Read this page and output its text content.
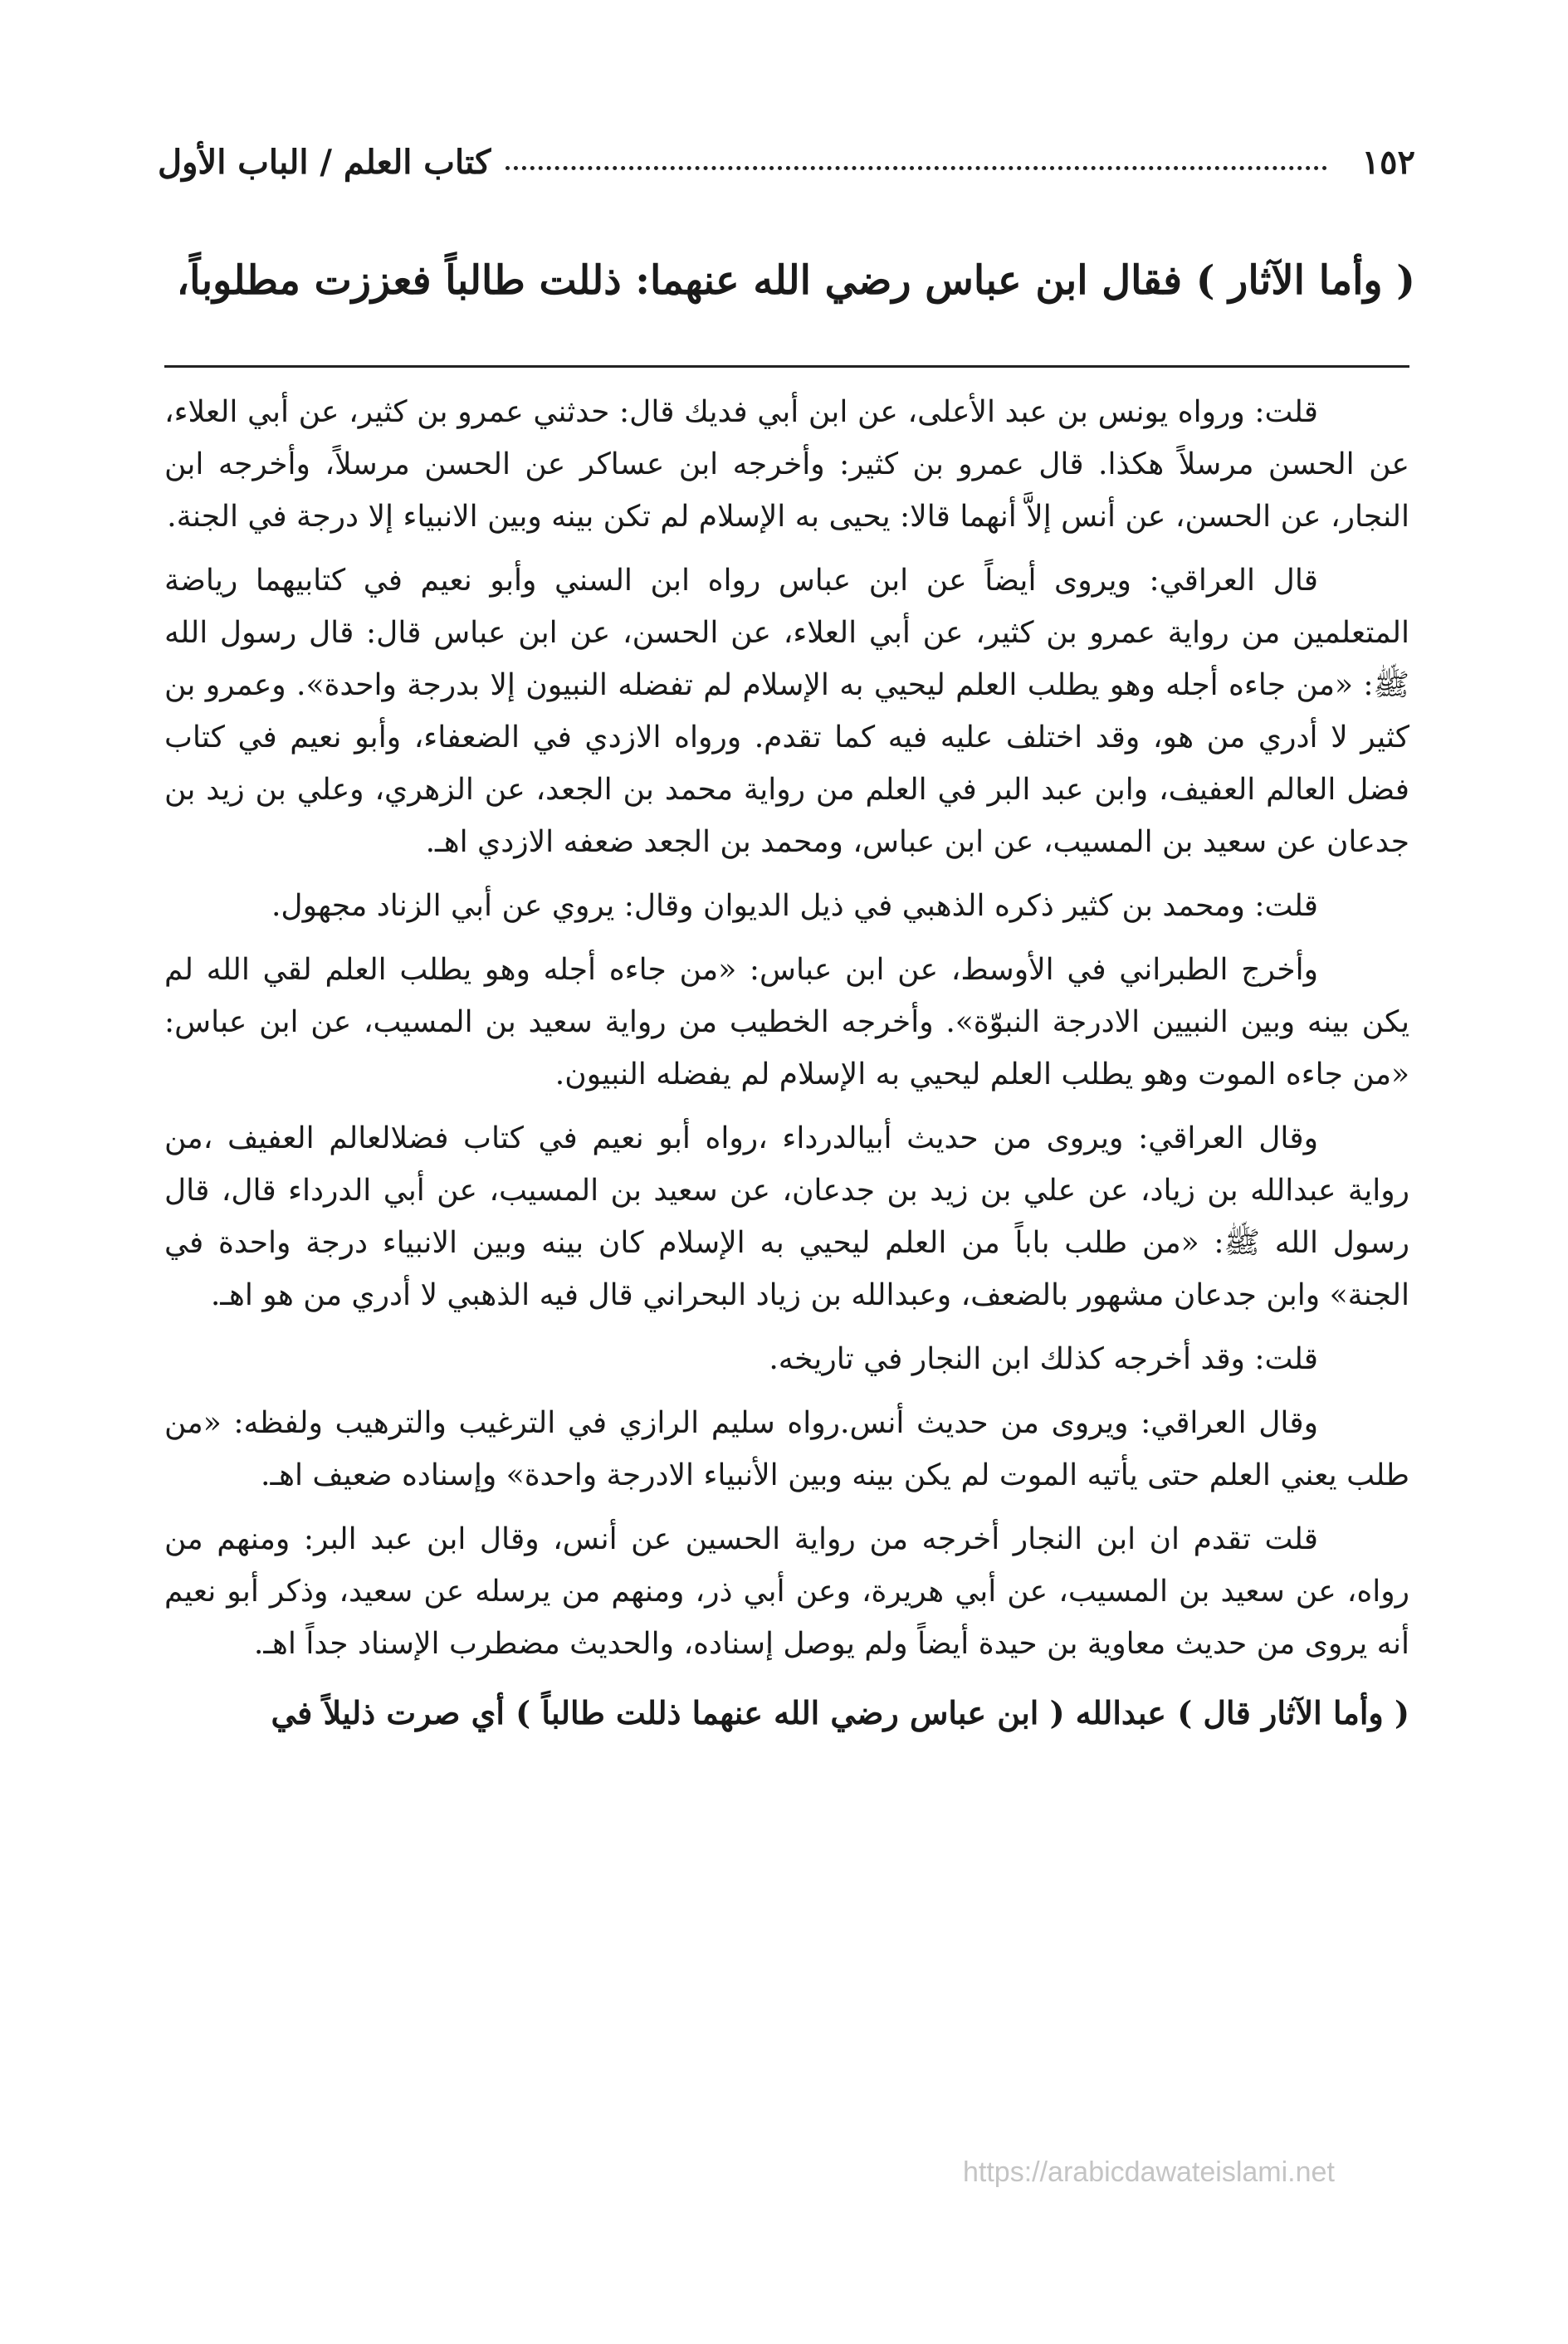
١٥٢
كتاب العلم / الباب الأول
( وأما الآثار ) فقال ابن عباس رضي الله عنهما: ذللت طالباً فعززت مطلوباً،

قلت: ورواه يونس بن عبد الأعلى، عن ابن أبي فديك قال: حدثني عمرو بن كثير، عن أبي العلاء، عن الحسن مرسلاً هكذا. قال عمرو بن كثير: وأخرجه ابن عساكر عن الحسن مرسلاً، وأخرجه ابن النجار، عن الحسن، عن أنس إلاَّ أنهما قالا: يحيى به الإسلام لم تكن بينه وبين الانبياء إلا درجة في الجنة.

قال العراقي: ويروى أيضاً عن ابن عباس رواه ابن السني وأبو نعيم في كتابيهما رياضة المتعلمين من رواية عمرو بن كثير، عن أبي العلاء، عن الحسن، عن ابن عباس قال: قال رسول الله ﷺ: «من جاءه أجله وهو يطلب العلم ليحيي به الإسلام لم تفضله النبيون إلا بدرجة واحدة». وعمرو بن كثير لا أدري من هو، وقد اختلف عليه فيه كما تقدم. ورواه الازدي في الضعفاء، وأبو نعيم في كتاب فضل العالم العفيف، وابن عبد البر في العلم من رواية محمد بن الجعد، عن الزهري، وعلي بن زيد بن جدعان عن سعيد بن المسيب، عن ابن عباس، ومحمد بن الجعد ضعفه الازدي اهـ.

قلت: ومحمد بن كثير ذكره الذهبي في ذيل الديوان وقال: يروي عن أبي الزناد مجهول.

وأخرج الطبراني في الأوسط، عن ابن عباس: «من جاءه أجله وهو يطلب العلم لقي الله لم يكن بينه وبين النبيين الادرجة النبوّة». وأخرجه الخطيب من رواية سعيد بن المسيب، عن ابن عباس: «من جاءه الموت وهو يطلب العلم ليحيي به الإسلام لم يفضله النبيون.

وقال العراقي: ويروى من حديث أبيالدرداء ،رواه أبو نعيم في كتاب فضلالعالم العفيف ،من رواية عبدالله بن زياد، عن علي بن زيد بن جدعان، عن سعيد بن المسيب، عن أبي الدرداء قال، قال رسول الله ﷺ: «من طلب باباً من العلم ليحيي به الإسلام كان بينه وبين الانبياء درجة واحدة في الجنة» وابن جدعان مشهور بالضعف، وعبدالله بن زياد البحراني قال فيه الذهبي لا أدري من هو اهـ.

قلت: وقد أخرجه كذلك ابن النجار في تاريخه.

وقال العراقي: ويروى من حديث أنس.رواه سليم الرازي في الترغيب والترهيب ولفظه: «من طلب يعني العلم حتى يأتيه الموت لم يكن بينه وبين الأنبياء الادرجة واحدة» وإسناده ضعيف اهـ.

قلت تقدم ان ابن النجار أخرجه من رواية الحسين عن أنس، وقال ابن عبد البر: ومنهم من رواه، عن سعيد بن المسيب، عن أبي هريرة، وعن أبي ذر، ومنهم من يرسله عن سعيد، وذكر أبو نعيم أنه يروى من حديث معاوية بن حيدة أيضاً ولم يوصل إسناده، والحديث مضطرب الإسناد جداً اهـ.

( وأما الآثار قال ) عبدالله ( ابن عباس رضي الله عنهما ذللت طالباً ) أي صرت ذليلاً في

https://arabicdawateislami.net
